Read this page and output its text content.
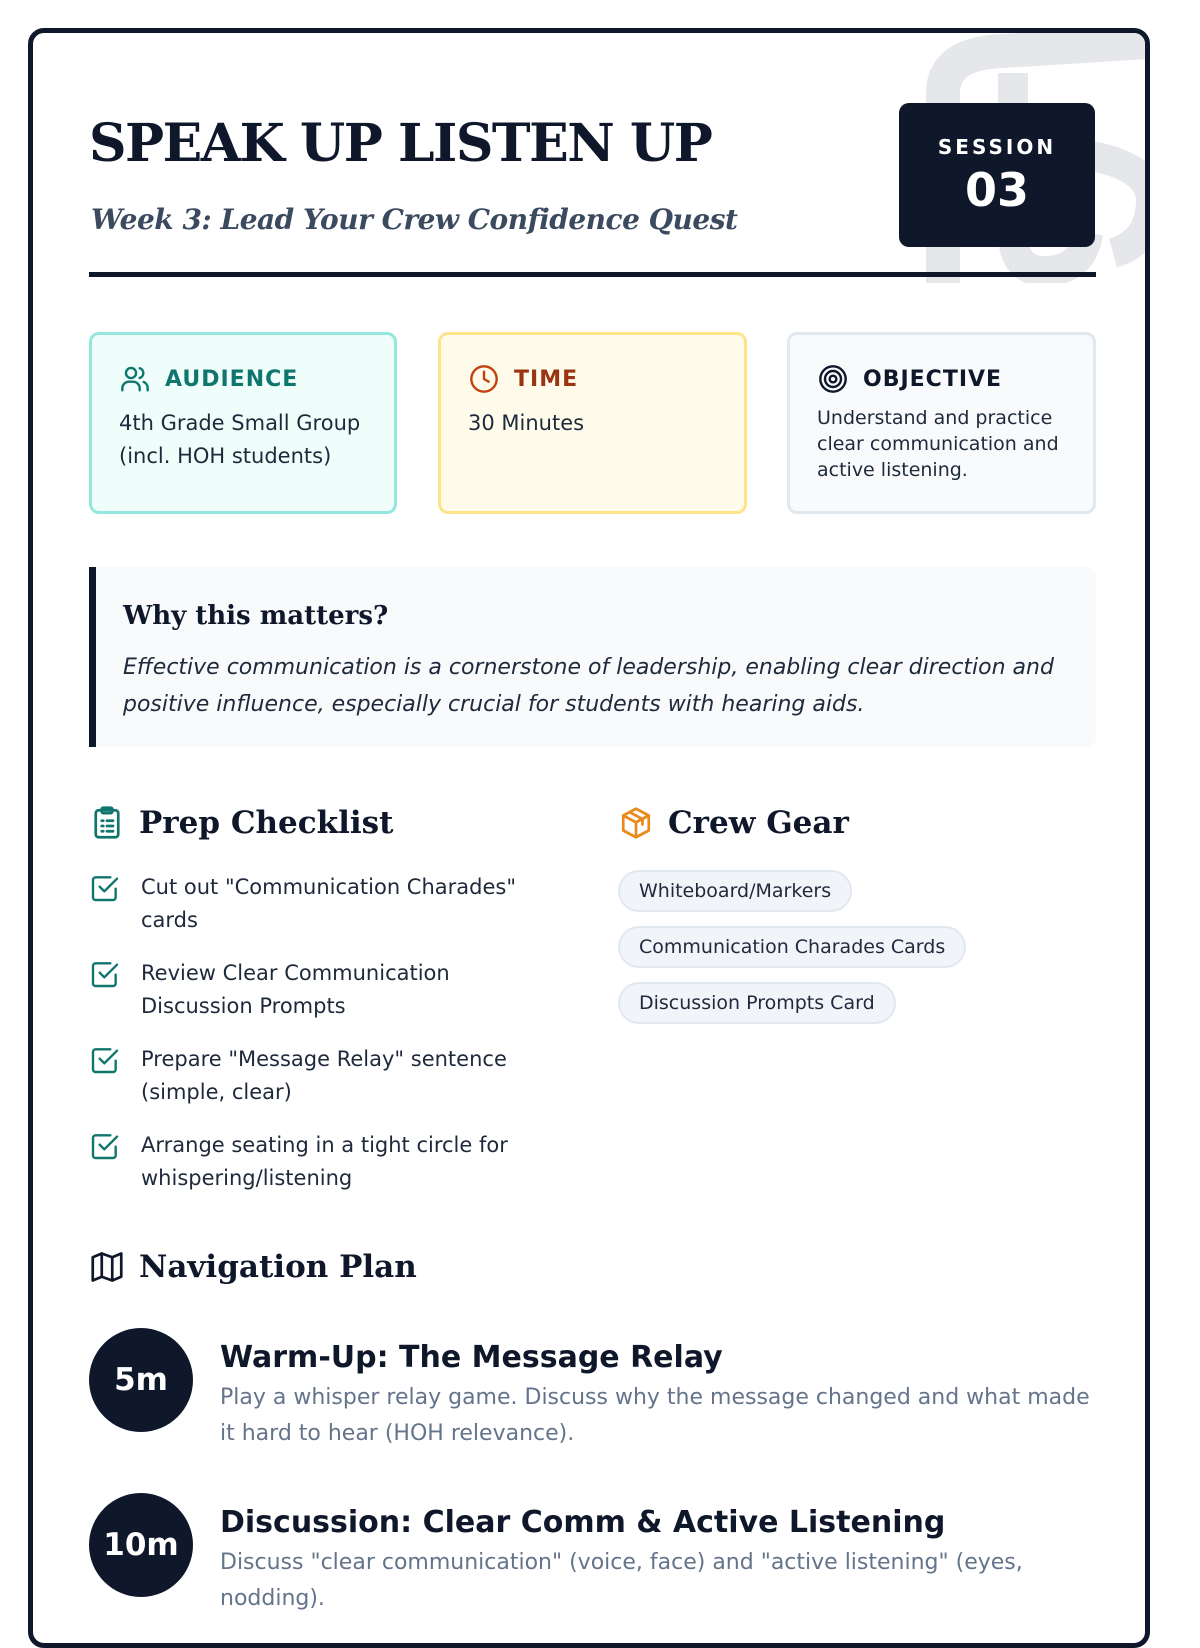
SPEAK UP LISTEN UP
Week 3: Lead Your Crew Confidence Quest
SESSION
03
AUDIENCE
4th Grade Small Group (incl. HOH students)
TIME
30 Minutes
OBJECTIVE
Understand and practice clear communication and active listening.
Why this matters?
Effective communication is a cornerstone of leadership, enabling clear direction and positive influence, especially crucial for students with hearing aids.
Prep Checklist
Cut out "Communication Charades" cards
Review Clear Communication Discussion Prompts
Prepare "Message Relay" sentence (simple, clear)
Arrange seating in a tight circle for whispering/listening
Crew Gear
Whiteboard/Markers
Communication Charades Cards
Discussion Prompts Card
Navigation Plan
5m
Warm-Up: The Message Relay
Play a whisper relay game. Discuss why the message changed and what made it hard to hear (HOH relevance).
10m
Discussion: Clear Comm & Active Listening
Discuss "clear communication" (voice, face) and "active listening" (eyes, nodding).
